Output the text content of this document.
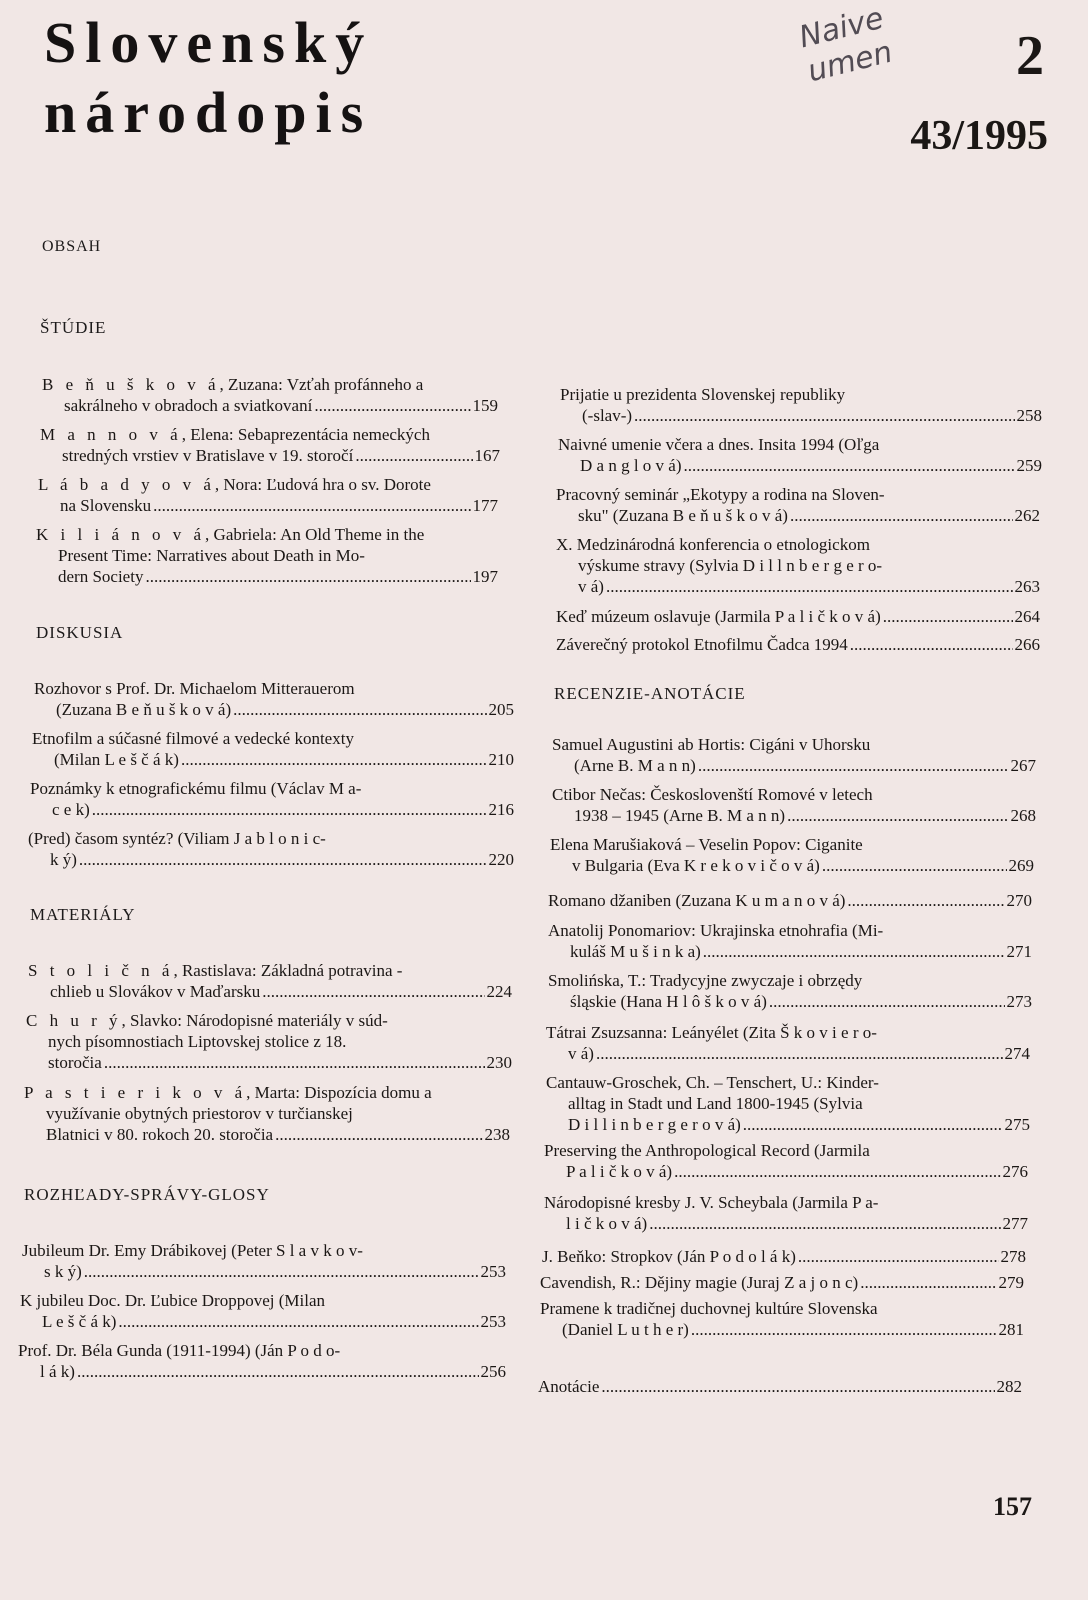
Naive umen
Slovenský
národopis
2
43/1995
OBSAH
ŠTÚDIE
DISKUSIA
MATERIÁLY
ROZHĽADY-SPRÁVY-GLOSY
RECENZIE-ANOTÁCIE
B e ň u š k o v á, Zuzana: Vzťah profánneho a
sakrálneho v obradoch a sviatkovaní .....	159
M a n n o v á, Elena: Sebaprezentácia nemeckých
stredných vrstiev v Bratislave v 19. storočí .....	167
L á b a d y o v á, Nora: Ľudová hra o sv. Dorote
na Slovensku .....	177
K i l i á n o v á, Gabriela: An Old Theme in the
Present Time: Narratives about Death in Mo-
dern Society .....	197
Rozhovor s Prof. Dr. Michaelom Mitterauerom
(Zuzana B e ň u š k o v á) .....	205
Etnofilm a súčasné filmové a vedecké kontexty
(Milan L e š č á k) .....	210
Poznámky k etnografickému filmu (Václav M a-
c e k) .....	216
(Pred) časom syntéz? (Viliam J a b l o n i c-
k ý) .....	220
S t o l i č n á, Rastislava: Základná potravina -
chlieb u Slovákov v Maďarsku .....	224
C h u r ý, Slavko: Národopisné materiály v súd-
nych písomnostiach Liptovskej stolice z 18.
storočia .....	230
P a s t i e r i k o v á, Marta: Dispozícia domu a
využívanie obytných priestorov v turčianskej
Blatnici v 80. rokoch 20. storočia .....	238
Jubileum Dr. Emy Drábikovej (Peter S l a v k o v-
s k ý) .....	253
K jubileu Doc. Dr. Ľubice Droppovej (Milan
L e š č á k) .....	253
Prof. Dr. Béla Gunda (1911-1994) (Ján P o d o-
l á k) .....	256
Prijatie u prezidenta Slovenskej republiky
(-slav-) .....	258
Naivné umenie včera a dnes. Insita 1994 (Oľga
D a n g l o v á) .....	259
Pracovný seminár „Ekotypy a rodina na Sloven-
sku" (Zuzana B e ň u š k o v á) .....	262
X. Medzinárodná konferencia o etnologickom
výskume stravy (Sylvia D i l l n b e r g e r o-
v á) .....	263
Keď múzeum oslavuje (Jarmila P a l i č k o v á) .....	264
Záverečný protokol Etnofilmu Čadca 1994 .....	266
Samuel Augustini ab Hortis: Cigáni v Uhorsku
(Arne B. M a n n) .....	267
Ctibor Nečas: Českoslovenští Romové v letech
1938 – 1945 (Arne B. M a n n) .....	268
Elena Marušiaková – Veselin Popov: Ciganite
v Bulgaria (Eva K r e k o v i č o v á) .....	269
Romano džaniben (Zuzana K u m a n o v á) .....	270
Anatolij Ponomariov: Ukrajinska etnohrafia (Mi-
kuláš M u š i n k a) .....	271
Smolińska, T.: Tradycyjne zwyczaje i obrzędy
śląskie (Hana H l ô š k o v á) .....	273
Tátrai Zsuzsanna: Leányélet (Zita Š k o v i e r o-
v á) .....	274
Cantauw-Groschek, Ch. – Tenschert, U.: Kinder-
alltag in Stadt und Land 1800-1945 (Sylvia
D i l l i n b e r g e r o v á) .....	275
Preserving the Anthropological Record (Jarmila
P a l i č k o v á) .....	276
Národopisné kresby J. V. Scheybala (Jarmila P a-
l i č k o v á) .....	277
J. Beňko: Stropkov (Ján P o d o l á k) .....	278
Cavendish, R.: Dějiny magie (Juraj Z a j o n c) .....	279
Pramene k tradičnej duchovnej kultúre Slovenska
(Daniel L u t h e r) .....	281
Anotácie .....	282
157
